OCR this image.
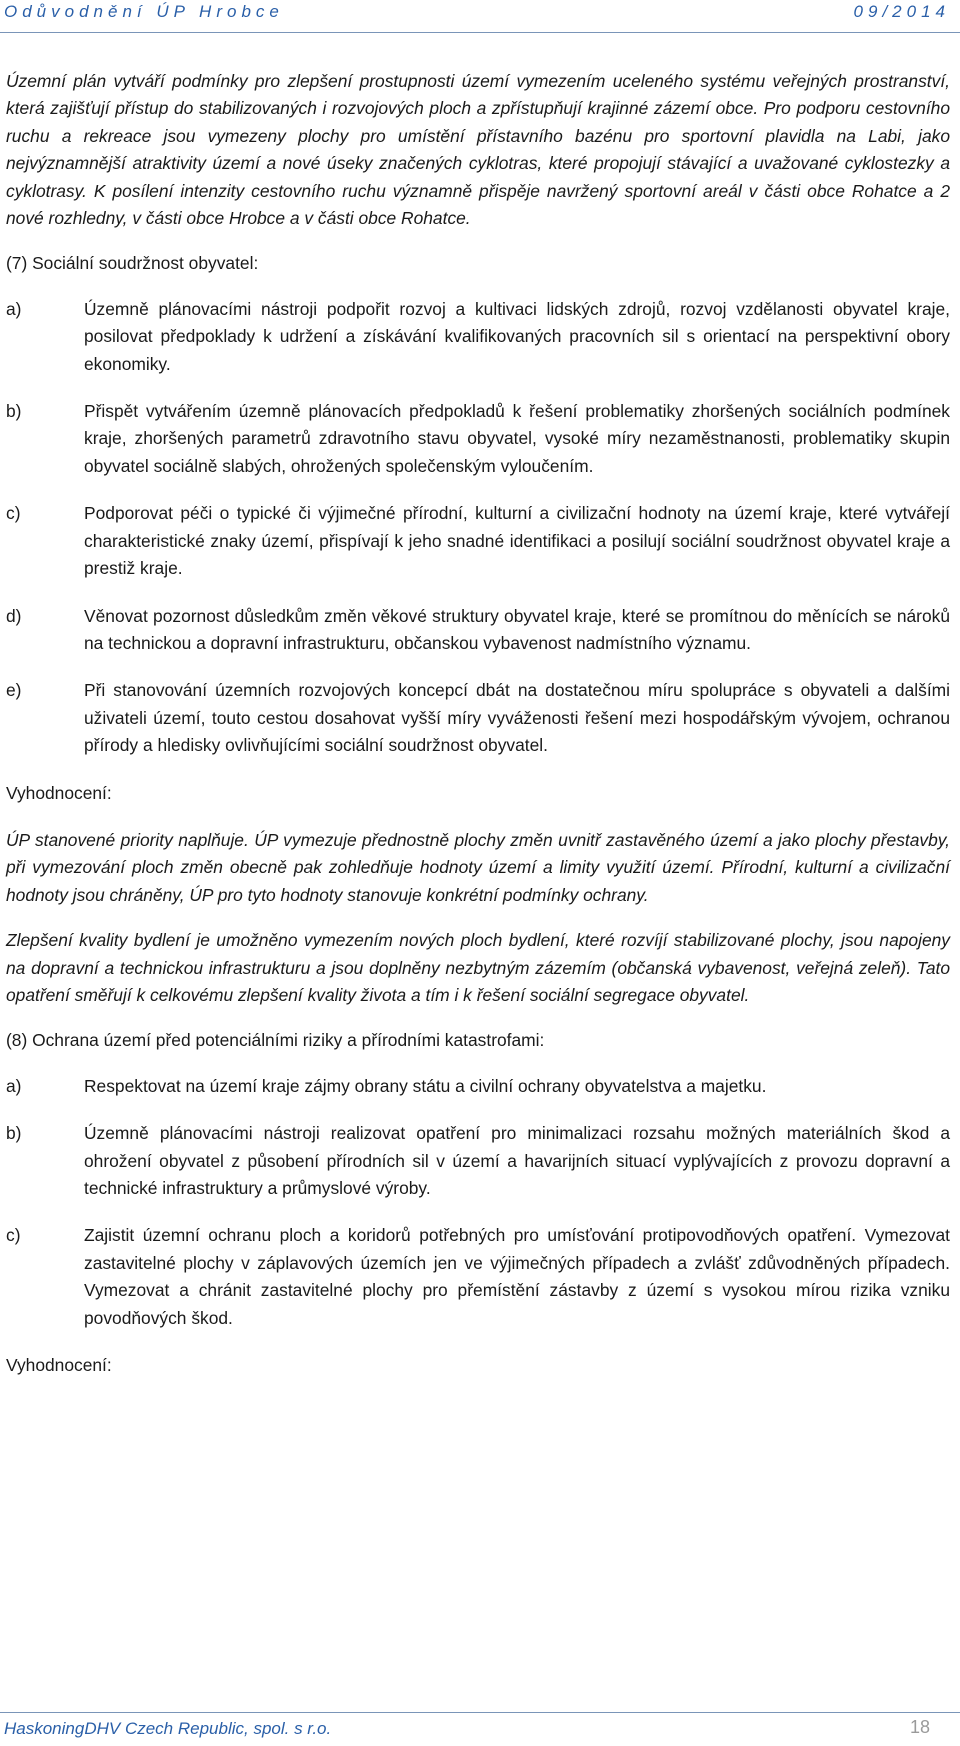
Odůvodnění ÚP Hrobce	09/2014

Územní plán vytváří podmínky pro zlepšení prostupnosti území vymezením uceleného systému veřejných prostranství, která zajišťují přístup do stabilizovaných i rozvojových ploch a zpřístupňují krajinné zázemí obce. Pro podporu cestovního ruchu a rekreace jsou vymezeny plochy pro umístění přístavního bazénu pro sportovní plavidla na Labi, jako nejvýznamnější atraktivity území a nové úseky značených cyklotras, které propojují stávající a uvažované cyklostezky a cyklotrasy. K posílení intenzity cestovního ruchu významně přispěje navržený sportovní areál v části obce Rohatce a 2 nové rozhledny, v části obce Hrobce a v části obce Rohatce.

(7) Sociální soudržnost obyvatel:

a)	Územně plánovacími nástroji podpořit rozvoj a kultivaci lidských zdrojů, rozvoj vzdělanosti obyvatel kraje, posilovat předpoklady k udržení a získávání kvalifikovaných pracovních sil s orientací na perspektivní obory ekonomiky.
b)	Přispět vytvářením územně plánovacích předpokladů k řešení problematiky zhoršených sociálních podmínek kraje, zhoršených parametrů zdravotního stavu obyvatel, vysoké míry nezaměstnanosti, problematiky skupin obyvatel sociálně slabých, ohrožených společenským vyloučením.
c)	Podporovat péči o typické či výjimečné přírodní, kulturní a civilizační hodnoty na území kraje, které vytvářejí charakteristické znaky území, přispívají k jeho snadné identifikaci a posilují sociální soudržnost obyvatel kraje a prestiž kraje.
d)	Věnovat pozornost důsledkům změn věkové struktury obyvatel kraje, které se promítnou do měnících se nároků na technickou a dopravní infrastrukturu, občanskou vybavenost nadmístního významu.
e)	Při stanovování územních rozvojových koncepcí dbát na dostatečnou míru spolupráce s obyvateli a dalšími uživateli území, touto cestou dosahovat vyšší míry vyváženosti řešení mezi hospodářským vývojem, ochranou přírody a hledisky ovlivňujícími sociální soudržnost obyvatel.

Vyhodnocení:

ÚP stanovené priority naplňuje. ÚP vymezuje přednostně plochy změn uvnitř zastavěného území a jako plochy přestavby, při vymezování ploch změn obecně pak zohledňuje hodnoty území a limity využití území. Přírodní, kulturní a civilizační hodnoty jsou chráněny, ÚP pro tyto hodnoty stanovuje konkrétní podmínky ochrany.

Zlepšení kvality bydlení je umožněno vymezením nových ploch bydlení, které rozvíjí stabilizované plochy, jsou napojeny na dopravní a technickou infrastrukturu a jsou doplněny nezbytným zázemím (občanská vybavenost, veřejná zeleň). Tato opatření směřují k celkovému zlepšení kvality života a tím i k řešení sociální segregace obyvatel.

(8) Ochrana území před potenciálními riziky a přírodními katastrofami:

a)	Respektovat na území kraje zájmy obrany státu a civilní ochrany obyvatelstva a majetku.
b)	Územně plánovacími nástroji realizovat opatření pro minimalizaci rozsahu možných materiálních škod a ohrožení obyvatel z působení přírodních sil v území a havarijních situací vyplývajících z provozu dopravní a technické infrastruktury a průmyslové výroby.
c)	Zajistit územní ochranu ploch a koridorů potřebných pro umísťování protipovodňových opatření. Vymezovat zastavitelné plochy v záplavových územích jen ve výjimečných případech a zvlášť zdůvodněných případech. Vymezovat a chránit zastavitelné plochy pro přemístění zástavby z území s vysokou mírou rizika vzniku povodňových škod.

Vyhodnocení:

HaskoningDHV Czech Republic, spol. s r.o.	18
